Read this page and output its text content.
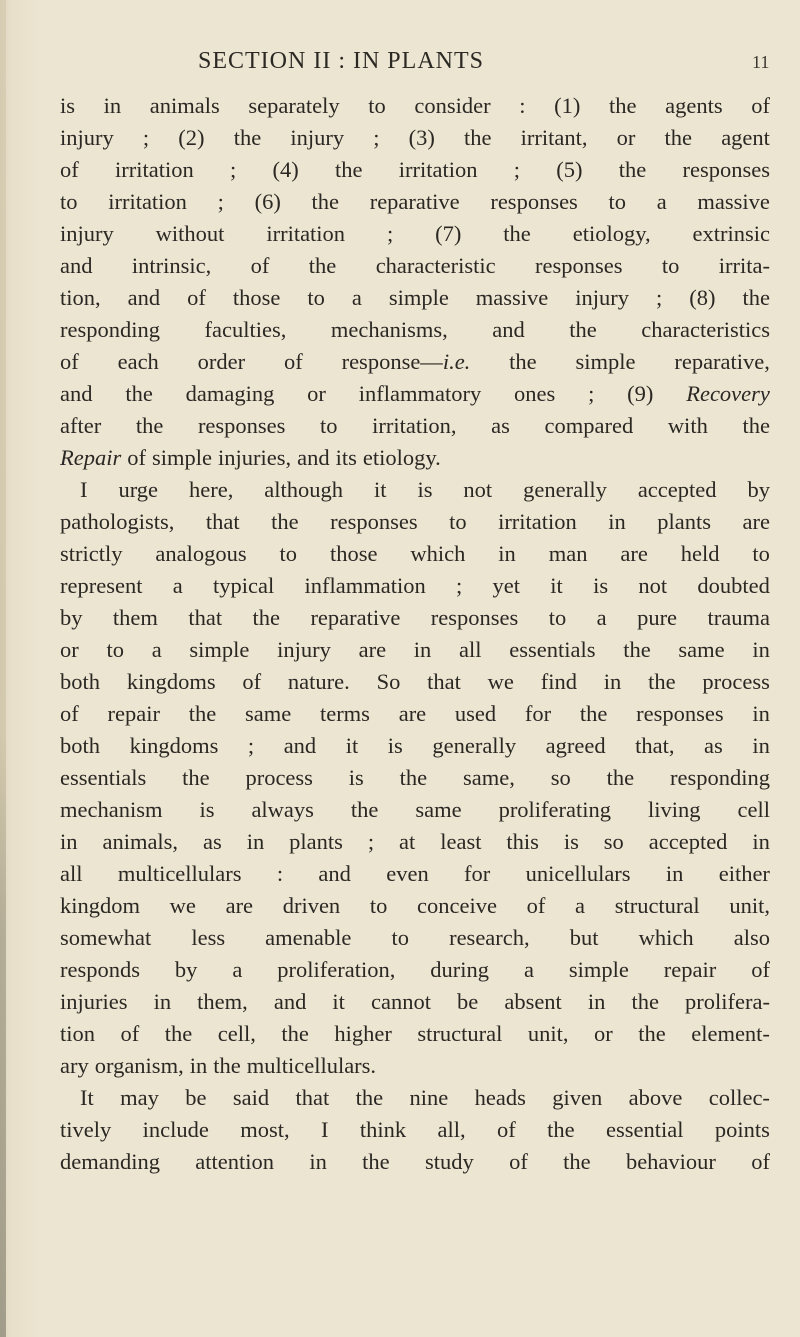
SECTION II : IN PLANTS	11
is in animals separately to consider : (1) the agents of
injury ; (2) the injury ; (3) the irritant, or the agent
of irritation ; (4) the irritation ; (5) the responses
to irritation ; (6) the reparative responses to a massive
injury without irritation ; (7) the etiology, extrinsic
and intrinsic, of the characteristic responses to irrita-
tion, and of those to a simple massive injury ; (8) the
responding faculties, mechanisms, and the characteristics
of each order of response—i.e. the simple reparative,
and the damaging or inflammatory ones ; (9) Recovery
after the responses to irritation, as compared with the
Repair of simple injuries, and its etiology.
I urge here, although it is not generally accepted by
pathologists, that the responses to irritation in plants are
strictly analogous to those which in man are held to
represent a typical inflammation ; yet it is not doubted
by them that the reparative responses to a pure trauma
or to a simple injury are in all essentials the same in
both kingdoms of nature. So that we find in the process
of repair the same terms are used for the responses in
both kingdoms ; and it is generally agreed that, as in
essentials the process is the same, so the responding
mechanism is always the same proliferating living cell
in animals, as in plants ; at least this is so accepted in
all multicellulars : and even for unicellulars in either
kingdom we are driven to conceive of a structural unit,
somewhat less amenable to research, but which also
responds by a proliferation, during a simple repair of
injuries in them, and it cannot be absent in the prolifera-
tion of the cell, the higher structural unit, or the element-
ary organism, in the multicellulars.
It may be said that the nine heads given above collec-
tively include most, I think all, of the essential points
demanding attention in the study of the behaviour of
